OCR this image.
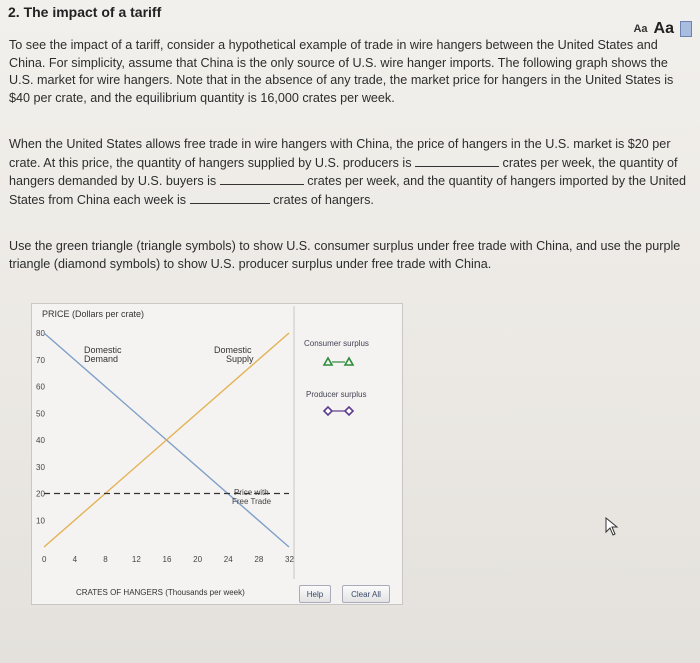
2. The impact of a tariff
Aa Aa
To see the impact of a tariff, consider a hypothetical example of trade in wire hangers between the United States and China. For simplicity, assume that China is the only source of U.S. wire hanger imports. The following graph shows the U.S. market for wire hangers. Note that in the absence of any trade, the market price for hangers in the United States is $40 per crate, and the equilibrium quantity is 16,000 crates per week.
When the United States allows free trade in wire hangers with China, the price of hangers in the U.S. market is $20 per crate. At this price, the quantity of hangers supplied by U.S. producers is	crates per week, the quantity of hangers demanded by U.S. buyers is	crates per week, and the quantity of hangers imported by the United States from China each week is	crates of hangers.
Use the green triangle (triangle symbols) to show U.S. consumer surplus under free trade with China, and use the purple triangle (diamond symbols) to show U.S. producer surplus under free trade with China.
PRICE (Dollars per crate)
CRATES OF HANGERS (Thousands per week)
10
20
30
40
50
60
70
80
0	4	8	12	16	20	24	28	32
Domestic
Demand
Domestic
Supply
Price with
Free Trade
Consumer surplus
Producer surplus
Help	Clear All
